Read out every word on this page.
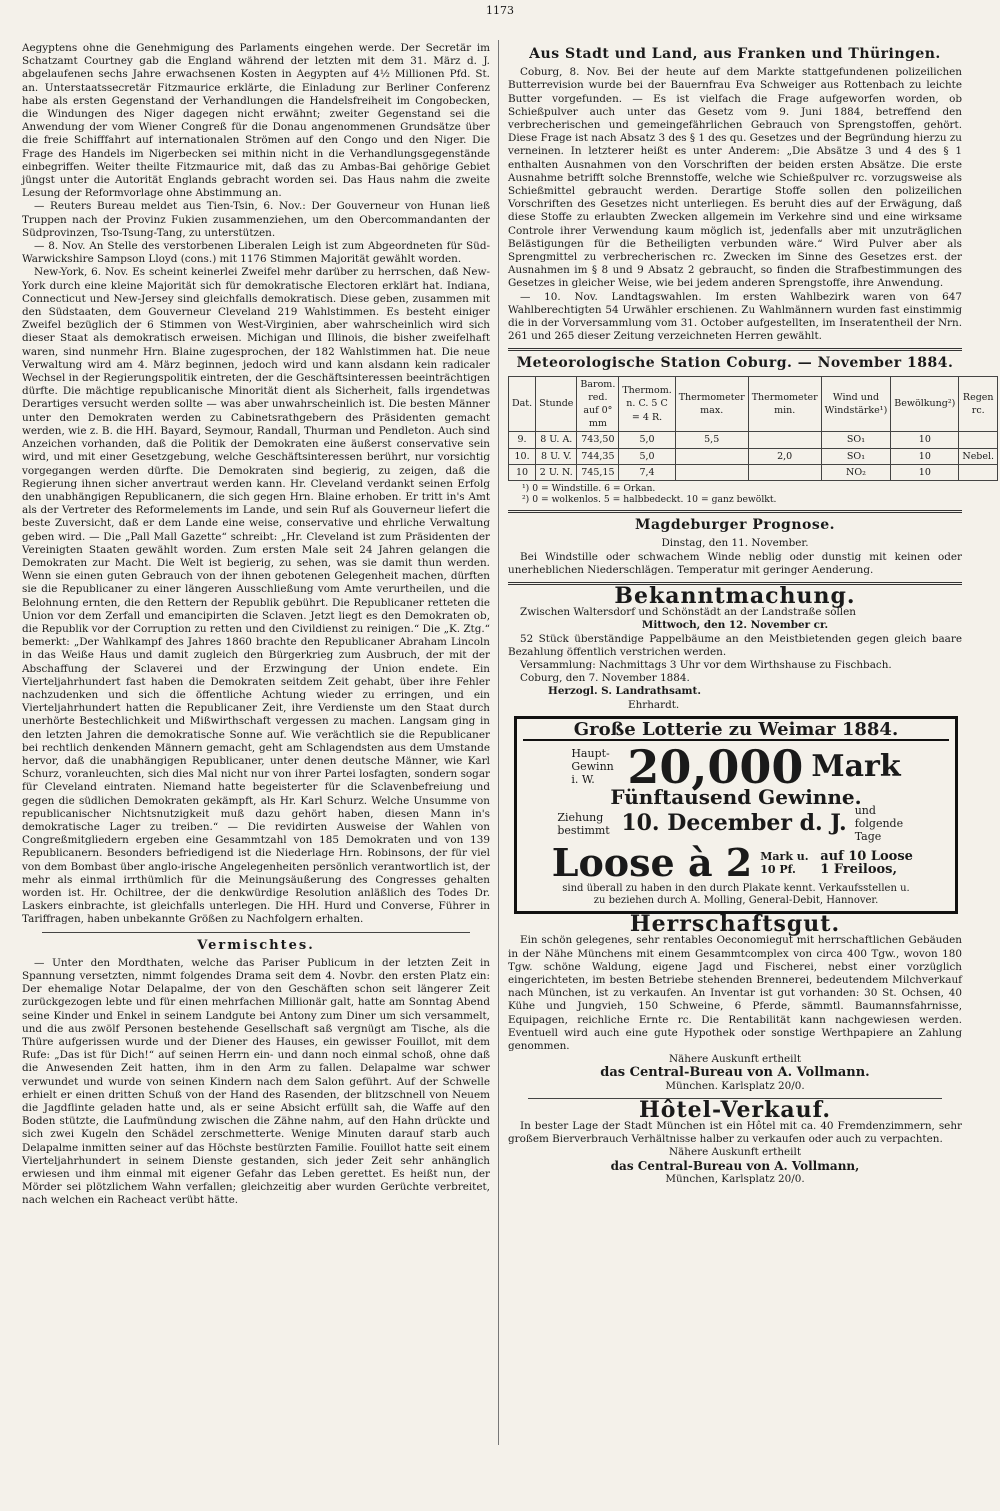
1173

Aegyptens ohne die Genehmigung des Parlaments eingehen werde. Der Secretär im Schatzamt Courtney gab die England während der letzten mit dem 31. März d. J. abgelaufenen sechs Jahre erwachsenen Kosten in Aegypten auf 4½ Millionen Pfd. St. an. Unterstaatssecretär Fitzmaurice erklärte, die Einladung zur Berliner Conferenz habe als ersten Gegenstand der Verhandlungen die Handelsfreiheit im Congobecken, die Windungen des Niger dagegen nicht erwähnt; zweiter Gegenstand sei die Anwendung der vom Wiener Congreß für die Donau angenommenen Grundsätze über die freie Schifffahrt auf internationalen Strömen auf den Congo und den Niger. Die Frage des Handels im Nigerbecken sei mithin nicht in die Verhandlungsgegenstände einbegriffen. Weiter theilte Fitzmaurice mit, daß das zu Ambas-Bai gehörige Gebiet jüngst unter die Autorität Englands gebracht worden sei. Das Haus nahm die zweite Lesung der Reformvorlage ohne Abstimmung an.

— Reuters Bureau meldet aus Tien-Tsin, 6. Nov.: Der Gouverneur von Hunan ließ Truppen nach der Provinz Fukien zusammenziehen, um den Obercommandanten der Südprovinzen, Tso-Tsung-Tang, zu unterstützen.

— 8. Nov. An Stelle des verstorbenen Liberalen Leigh ist zum Abgeordneten für Süd-Warwickshire Sampson Lloyd (cons.) mit 1176 Stimmen Majorität gewählt worden.

New-York, 6. Nov. Es scheint keinerlei Zweifel mehr darüber zu herrschen, daß New-York durch eine kleine Majorität sich für demokratische Electoren erklärt hat. Indiana, Connecticut und New-Jersey sind gleichfalls demokratisch. Diese geben, zusammen mit den Südstaaten, dem Gouverneur Cleveland 219 Wahlstimmen. Es besteht einiger Zweifel bezüglich der 6 Stimmen von West-Virginien, aber wahrscheinlich wird sich dieser Staat als demokratisch erweisen. Michigan und Illinois, die bisher zweifelhaft waren, sind nunmehr Hrn. Blaine zugesprochen, der 182 Wahlstimmen hat. Die neue Verwaltung wird am 4. März beginnen, jedoch wird und kann alsdann kein radicaler Wechsel in der Regierungspolitik eintreten, der die Geschäftsinteressen beeinträchtigen dürfte. Die mächtige republicanische Minorität dient als Sicherheit, falls irgendetwas Derartiges versucht werden sollte — was aber unwahrscheinlich ist. Die besten Männer unter den Demokraten werden zu Cabinetsrathgebern des Präsidenten gemacht werden, wie z. B. die HH. Bayard, Seymour, Randall, Thurman und Pendleton. Auch sind Anzeichen vorhanden, daß die Politik der Demokraten eine äußerst conservative sein wird, und mit einer Gesetzgebung, welche Geschäftsinteressen berührt, nur vorsichtig vorgegangen werden dürfte. Die Demokraten sind begierig, zu zeigen, daß die Regierung ihnen sicher anvertraut werden kann. Hr. Cleveland verdankt seinen Erfolg den unabhängigen Republicanern, die sich gegen Hrn. Blaine erhoben. Er tritt in's Amt als der Vertreter des Reformelements im Lande, und sein Ruf als Gouverneur liefert die beste Zuversicht, daß er dem Lande eine weise, conservative und ehrliche Verwaltung geben wird. — Die „Pall Mall Gazette“ schreibt: „Hr. Cleveland ist zum Präsidenten der Vereinigten Staaten gewählt worden. Zum ersten Male seit 24 Jahren gelangen die Demokraten zur Macht. Die Welt ist begierig, zu sehen, was sie damit thun werden. Wenn sie einen guten Gebrauch von der ihnen gebotenen Gelegenheit machen, dürften sie die Republicaner zu einer längeren Ausschließung vom Amte verurtheilen, und die Belohnung ernten, die den Rettern der Republik gebührt. Die Republicaner retteten die Union vor dem Zerfall und emancipirten die Sclaven. Jetzt liegt es den Demokraten ob, die Republik vor der Corruption zu retten und den Civildienst zu reinigen.“ Die „K. Ztg.“ bemerkt: „Der Wahlkampf des Jahres 1860 brachte den Republicaner Abraham Lincoln in das Weiße Haus und damit zugleich den Bürgerkrieg zum Ausbruch, der mit der Abschaffung der Sclaverei und der Erzwingung der Union endete. Ein Vierteljahrhundert fast haben die Demokraten seitdem Zeit gehabt, über ihre Fehler nachzudenken und sich die öffentliche Achtung wieder zu erringen, und ein Vierteljahrhundert hatten die Republicaner Zeit, ihre Verdienste um den Staat durch unerhörte Bestechlichkeit und Mißwirthschaft vergessen zu machen. Langsam ging in den letzten Jahren die demokratische Sonne auf. Wie verächtlich sie die Republicaner bei rechtlich denkenden Männern gemacht, geht am Schlagendsten aus dem Umstande hervor, daß die unabhängigen Republicaner, unter denen deutsche Männer, wie Karl Schurz, voranleuchten, sich dies Mal nicht nur von ihrer Partei losfagten, sondern sogar für Cleveland eintraten. Niemand hatte begeisterter für die Sclavenbefreiung und gegen die südlichen Demokraten gekämpft, als Hr. Karl Schurz. Welche Unsumme von republicanischer Nichtsnutzigkeit muß dazu gehört haben, diesen Mann in's demokratische Lager zu treiben.“ — Die revidirten Ausweise der Wahlen von Congreßmitgliedern ergeben eine Gesammtzahl von 185 Demokraten und von 139 Republicanern. Besonders befriedigend ist die Niederlage Hrn. Robinsons, der für viel von dem Bombast über anglo-irische Angelegenheiten persönlich verantwortlich ist, der mehr als einmal irrthümlich für die Meinungsäußerung des Congresses gehalten worden ist. Hr. Ochiltree, der die denkwürdige Resolution anläßlich des Todes Dr. Laskers einbrachte, ist gleichfalls unterlegen. Die HH. Hurd und Converse, Führer in Tariffragen, haben unbekannte Größen zu Nachfolgern erhalten.

Vermischtes.

— Unter den Mordthaten, welche das Pariser Publicum in der letzten Zeit in Spannung versetzten, nimmt folgendes Drama seit dem 4. Novbr. den ersten Platz ein: Der ehemalige Notar Delapalme, der von den Geschäften schon seit längerer Zeit zurückgezogen lebte und für einen mehrfachen Millionär galt, hatte am Sonntag Abend seine Kinder und Enkel in seinem Landgute bei Antony zum Diner um sich versammelt, und die aus zwölf Personen bestehende Gesellschaft saß vergnügt am Tische, als die Thüre aufgerissen wurde und der Diener des Hauses, ein gewisser Fouillot, mit dem Rufe: „Das ist für Dich!“ auf seinen Herrn ein- und dann noch einmal schoß, ohne daß die Anwesenden Zeit hatten, ihm in den Arm zu fallen. Delapalme war schwer verwundet und wurde von seinen Kindern nach dem Salon geführt. Auf der Schwelle erhielt er einen dritten Schuß von der Hand des Rasenden, der blitzschnell von Neuem die Jagdflinte geladen hatte und, als er seine Absicht erfüllt sah, die Waffe auf den Boden stützte, die Laufmündung zwischen die Zähne nahm, auf den Hahn drückte und sich zwei Kugeln den Schädel zerschmetterte. Wenige Minuten darauf starb auch Delapalme inmitten seiner auf das Höchste bestürzten Familie. Fouillot hatte seit einem Vierteljahrhundert in seinem Dienste gestanden, sich jeder Zeit sehr anhänglich erwiesen und ihm einmal mit eigener Gefahr das Leben gerettet. Es heißt nun, der Mörder sei plötzlichem Wahn verfallen; gleichzeitig aber wurden Gerüchte verbreitet, nach welchen ein Racheact verübt hätte.

Aus Stadt und Land, aus Franken und Thüringen.

Coburg, 8. Nov. Bei der heute auf dem Markte stattgefundenen polizeilichen Butterrevision wurde bei der Bauernfrau Eva Schweiger aus Rottenbach zu leichte Butter vorgefunden. — Es ist vielfach die Frage aufgeworfen worden, ob Schießpulver auch unter das Gesetz vom 9. Juni 1884, betreffend den verbrecherischen und gemeingefährlichen Gebrauch von Sprengstoffen, gehört. Diese Frage ist nach Absatz 3 des § 1 des qu. Gesetzes und der Begründung hierzu zu verneinen. In letzterer heißt es unter Anderem: „Die Absätze 3 und 4 des § 1 enthalten Ausnahmen von den Vorschriften der beiden ersten Absätze. Die erste Ausnahme betrifft solche Brennstoffe, welche wie Schießpulver rc. vorzugsweise als Schießmittel gebraucht werden. Derartige Stoffe sollen den polizeilichen Vorschriften des Gesetzes nicht unterliegen. Es beruht dies auf der Erwägung, daß diese Stoffe zu erlaubten Zwecken allgemein im Verkehre sind und eine wirksame Controle ihrer Verwendung kaum möglich ist, jedenfalls aber mit unzuträglichen Belästigungen für die Betheiligten verbunden wäre.“ Wird Pulver aber als Sprengmittel zu verbrecherischen rc. Zwecken im Sinne des Gesetzes erst. der Ausnahmen im § 8 und 9 Absatz 2 gebraucht, so finden die Strafbestimmungen des Gesetzes in gleicher Weise, wie bei jedem anderen Sprengstoffe, ihre Anwendung.

— 10. Nov. Landtagswahlen. Im ersten Wahlbezirk waren von 647 Wahlberechtigten 54 Urwähler erschienen. Zu Wahlmännern wurden fast einstimmig die in der Vorversammlung vom 31. October aufgestellten, im Inseratentheil der Nrn. 261 und 265 dieser Zeitung verzeichneten Herren gewählt.

Meteorologische Station Coburg. — November 1884.
Dat.	Stunde	Barom. red. auf 0° mm	Thermom. n. C. 5 C = 4 R.	Thermometer max.	Thermometer min.	Wind und Windstärke¹)	Bewölkung²)	Regen rc.
9.	8 U. A.	743,50	5,0	5,5		SO₁	10	
10.	8 U. V.	744,35	5,0		2,0	SO₁	10	Nebel.
10	2 U. N.	745,15	7,4			NO₂	10	
¹) 0 = Windstille. 6 = Orkan.
²) 0 = wolkenlos. 5 = halbbedeckt. 10 = ganz bewölkt.
Magdeburger Prognose.
Dinstag, den 11. November.

Bei Windstille oder schwachem Winde neblig oder dunstig mit keinen oder unerheblichen Niederschlägen. Temperatur mit geringer Aenderung.

Bekanntmachung.

Zwischen Waltersdorf und Schönstädt an der Landstraße sollen

Mittwoch, den 12. November cr.

52 Stück überständige Pappelbäume an den Meistbietenden gegen gleich baare Bezahlung öffentlich verstrichen werden.

Versammlung: Nachmittags 3 Uhr vor dem Wirthshause zu Fischbach.

Coburg, den 7. November 1884.

Herzogl. S. Landrathsamt.
Ehrhardt.
Große Lotterie zu Weimar 1884.
Haupt-Gewinn i. W. 20,000 Mark
Fünftausend Gewinne.
Ziehung bestimmt 10. December d. J. und folgende Tage
Loose à 2 Mark u. 10 Pf.
auf 10 Loose 1 Freiloos,
sind überall zu haben in den durch Plakate kennt. Verkaufsstellen u.
zu beziehen durch A. Molling, General-Debit, Hannover.
Herrschaftsgut.

Ein schön gelegenes, sehr rentables Oeconomiegut mit herrschaftlichen Gebäuden in der Nähe Münchens mit einem Gesammtcomplex von circa 400 Tgw., wovon 180 Tgw. schöne Waldung, eigene Jagd und Fischerei, nebst einer vorzüglich eingerichteten, im besten Betriebe stehenden Brennerei, bedeutendem Milchverkauf nach München, ist zu verkaufen. An Inventar ist gut vorhanden: 30 St. Ochsen, 40 Kühe und Jungvieh, 150 Schweine, 6 Pferde, sämmtl. Baumannsfahrnisse, Equipagen, reichliche Ernte rc. Die Rentabilität kann nachgewiesen werden. Eventuell wird auch eine gute Hypothek oder sonstige Werthpapiere an Zahlung genommen.

Nähere Auskunft ertheilt
das Central-Bureau von A. Vollmann.
München. Karlsplatz 20/0.
Hôtel-Verkauf.

In bester Lage der Stadt München ist ein Hôtel mit ca. 40 Fremdenzimmern, sehr großem Bierverbrauch Verhältnisse halber zu verkaufen oder auch zu verpachten.

Nähere Auskunft ertheilt
das Central-Bureau von A. Vollmann,
München, Karlsplatz 20/0.
